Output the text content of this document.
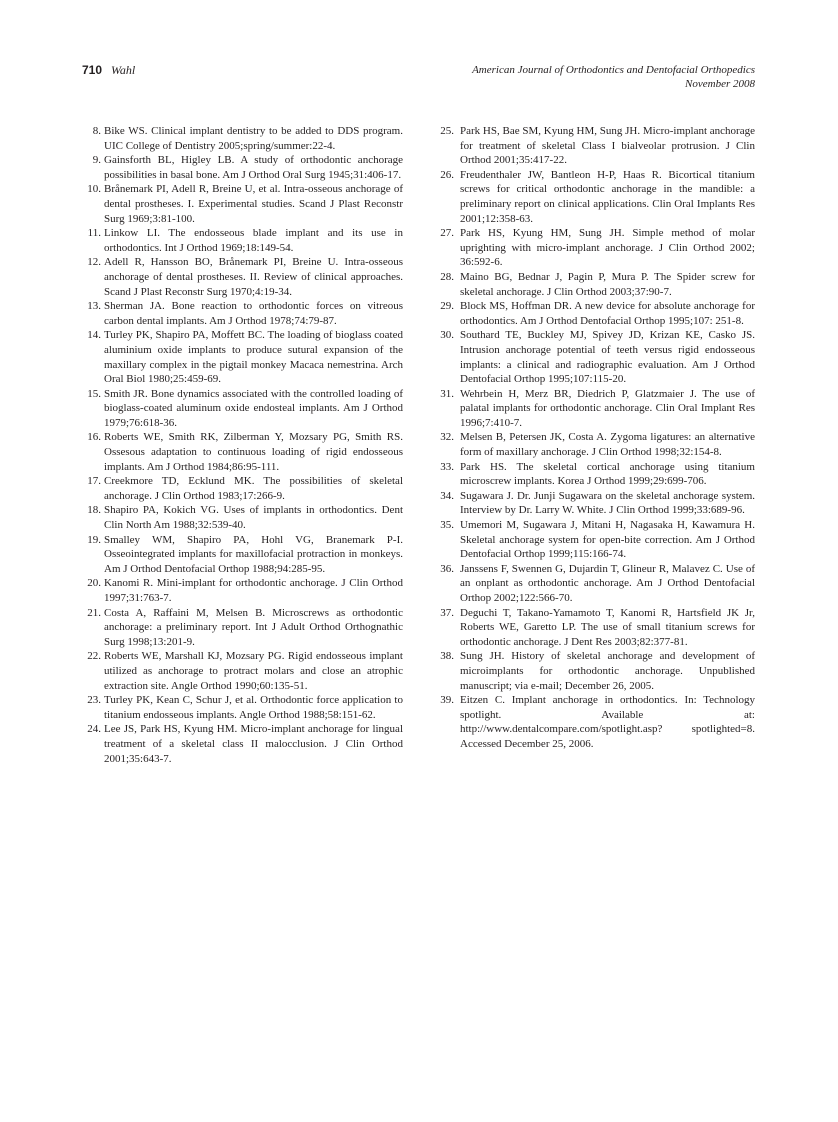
710 Wahl	American Journal of Orthodontics and Dentofacial Orthopedics
November 2008
8. Bike WS. Clinical implant dentistry to be added to DDS program. UIC College of Dentistry 2005;spring/summer:22-4.
9. Gainsforth BL, Higley LB. A study of orthodontic anchorage possibilities in basal bone. Am J Orthod Oral Surg 1945;31:406-17.
10. Brånemark PI, Adell R, Breine U, et al. Intra-osseous anchorage of dental prostheses. I. Experimental studies. Scand J Plast Reconstr Surg 1969;3:81-100.
11. Linkow LI. The endosseous blade implant and its use in orthodontics. Int J Orthod 1969;18:149-54.
12. Adell R, Hansson BO, Brånemark PI, Breine U. Intra-osseous anchorage of dental prostheses. II. Review of clinical approaches. Scand J Plast Reconstr Surg 1970;4:19-34.
13. Sherman JA. Bone reaction to orthodontic forces on vitreous carbon dental implants. Am J Orthod 1978;74:79-87.
14. Turley PK, Shapiro PA, Moffett BC. The loading of bioglass coated aluminium oxide implants to produce sutural expansion of the maxillary complex in the pigtail monkey Macaca nemestrina. Arch Oral Biol 1980;25:459-69.
15. Smith JR. Bone dynamics associated with the controlled loading of bioglass-coated aluminum oxide endosteal implants. Am J Orthod 1979;76:618-36.
16. Roberts WE, Smith RK, Zilberman Y, Mozsary PG, Smith RS. Ossesous adaptation to continuous loading of rigid endosseous implants. Am J Orthod 1984;86:95-111.
17. Creekmore TD, Ecklund MK. The possibilities of skeletal anchorage. J Clin Orthod 1983;17:266-9.
18. Shapiro PA, Kokich VG. Uses of implants in orthodontics. Dent Clin North Am 1988;32:539-40.
19. Smalley WM, Shapiro PA, Hohl VG, Branemark P-I. Osseointegrated implants for maxillofacial protraction in monkeys. Am J Orthod Dentofacial Orthop 1988;94:285-95.
20. Kanomi R. Mini-implant for orthodontic anchorage. J Clin Orthod 1997;31:763-7.
21. Costa A, Raffaini M, Melsen B. Microscrews as orthodontic anchorage: a preliminary report. Int J Adult Orthod Orthognathic Surg 1998;13:201-9.
22. Roberts WE, Marshall KJ, Mozsary PG. Rigid endosseous implant utilized as anchorage to protract molars and close an atrophic extraction site. Angle Orthod 1990;60:135-51.
23. Turley PK, Kean C, Schur J, et al. Orthodontic force application to titanium endosseous implants. Angle Orthod 1988;58:151-62.
24. Lee JS, Park HS, Kyung HM. Micro-implant anchorage for lingual treatment of a skeletal class II malocclusion. J Clin Orthod 2001;35:643-7.
25. Park HS, Bae SM, Kyung HM, Sung JH. Micro-implant anchorage for treatment of skeletal Class I bialveolar protrusion. J Clin Orthod 2001;35:417-22.
26. Freudenthaler JW, Bantleon H-P, Haas R. Bicortical titanium screws for critical orthodontic anchorage in the mandible: a preliminary report on clinical applications. Clin Oral Implants Res 2001;12:358-63.
27. Park HS, Kyung HM, Sung JH. Simple method of molar uprighting with micro-implant anchorage. J Clin Orthod 2002; 36:592-6.
28. Maino BG, Bednar J, Pagin P, Mura P. The Spider screw for skeletal anchorage. J Clin Orthod 2003;37:90-7.
29. Block MS, Hoffman DR. A new device for absolute anchorage for orthodontics. Am J Orthod Dentofacial Orthop 1995;107: 251-8.
30. Southard TE, Buckley MJ, Spivey JD, Krizan KE, Casko JS. Intrusion anchorage potential of teeth versus rigid endosseous implants: a clinical and radiographic evaluation. Am J Orthod Dentofacial Orthop 1995;107:115-20.
31. Wehrbein H, Merz BR, Diedrich P, Glatzmaier J. The use of palatal implants for orthodontic anchorage. Clin Oral Implant Res 1996;7:410-7.
32. Melsen B, Petersen JK, Costa A. Zygoma ligatures: an alternative form of maxillary anchorage. J Clin Orthod 1998;32:154-8.
33. Park HS. The skeletal cortical anchorage using titanium microscrew implants. Korea J Orthod 1999;29:699-706.
34. Sugawara J. Dr. Junji Sugawara on the skeletal anchorage system. Interview by Dr. Larry W. White. J Clin Orthod 1999;33:689-96.
35. Umemori M, Sugawara J, Mitani H, Nagasaka H, Kawamura H. Skeletal anchorage system for open-bite correction. Am J Orthod Dentofacial Orthop 1999;115:166-74.
36. Janssens F, Swennen G, Dujardin T, Glineur R, Malavez C. Use of an onplant as orthodontic anchorage. Am J Orthod Dentofacial Orthop 2002;122:566-70.
37. Deguchi T, Takano-Yamamoto T, Kanomi R, Hartsfield JK Jr, Roberts WE, Garetto LP. The use of small titanium screws for orthodontic anchorage. J Dent Res 2003;82:377-81.
38. Sung JH. History of skeletal anchorage and development of microimplants for orthodontic anchorage. Unpublished manuscript; via e-mail; December 26, 2005.
39. Eitzen C. Implant anchorage in orthodontics. In: Technology spotlight. Available at: http://www.dentalcompare.com/spotlight.asp? spotlighted=8. Accessed December 25, 2006.
